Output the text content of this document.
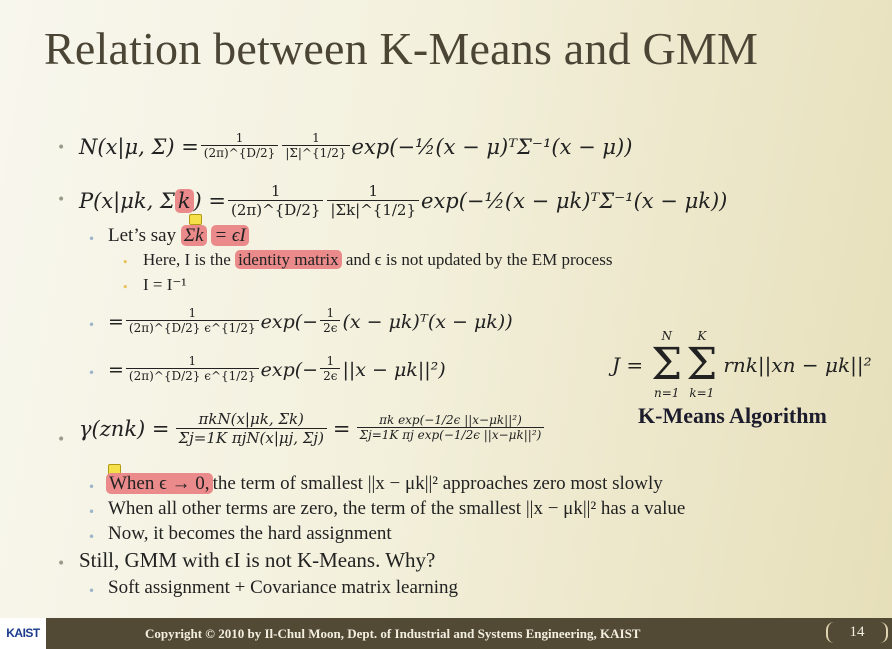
Relation between K-Means and GMM
• N(x|μ, $\Sigma) = \frac{1}{(2\pi)\^{}\{D/2\}} \frac{1}{|\Sigma|\^{}\{1/2\}}$ exp(−½(x − μ)ᵀΣ⁻¹(x − μ))
• P(x|μk, Σ k ) = $\frac{1}{(2\pi)\^{}\{D/2\}} \frac{1}{|\Sigma k|\^{}\{1/2\}}$ exp(−½(x − μk)ᵀΣ⁻¹(x − μk))
• Let’s say Σk = ϵI
• Here, I is the identity matrix and ϵ is not updated by the EM process
• I = I⁻¹
• = $\frac{1}{(2\pi)\^{}\{D/2\} \epsilon\^{}\{1/2\}} \exp(- \frac{1}{2\epsilon} (x$ − μk)ᵀ(x − μk))
• = $\frac{1}{(2\pi)\^{}\{D/2\} \epsilon\^{}\{1/2\}} \exp(- \frac{1}{2\epsilon} ||x - \mu k||^2)$	J =
N
Σ
n=1
K
Σ
k=1
rnk||xn − μk||²
K-Means Algorithm
• $\gamma(znk) = \frac{\text{πkN(x|μk, Σk)}}{\text{Σj=1K πjN(x|μj, Σj)}} = \frac{\text{πk exp(−1/2ϵ ||x−μk||²)}}{\text{Σj=1K πj exp(−1/2ϵ ||x−μk||²)}}$
• When ϵ → 0, the term of smallest ||x − μk||² approaches zero most slowly
• When all other terms are zero, the term of the smallest ||x − μk||² has a value
• Now, it becomes the hard assignment
• Still, GMM with ϵI is not K-Means. Why?
• Soft assignment + Covariance matrix learning
KAIST	Copyright © 2010 by Il-Chul Moon, Dept. of Industrial and Systems Engineering, KAIST	14
